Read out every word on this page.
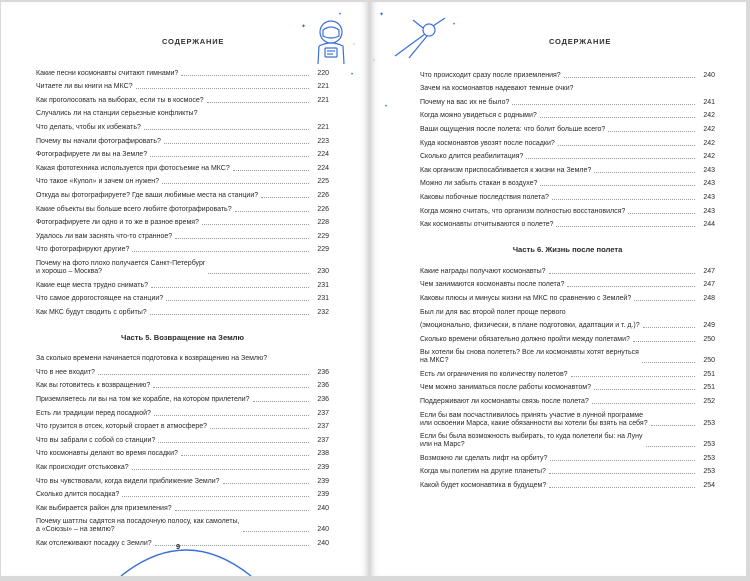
СОДЕРЖАНИЕ
✦
◦
•
•
Какие песни космонавты считают гимнами?	220
Читаете ли вы книги на МКС?	221
Как проголосовать на выборах, если ты в космосе?	221
Случались ли на станции серьезные конфликты?
Что делать, чтобы их избежать?	221
Почему вы начали фотографировать?	223
Фотографируете ли вы на Земле?	224
Какая фототехника используется при фотосъемке на МКС?	224
Что такое «Купол» и зачем он нужен?	225
Откуда вы фотографируете? Где ваши любимые места на станции?	226
Какие объекты вы больше всего любите фотографировать?	226
Фотографируете ли одно и то же в разное время?	228
Удалось ли вам заснять что-то странное?	229
Что фотографируют другие?	229
Почему на фото плохо получается Санкт-Петербург
и хорошо – Москва?	230
Какие еще места трудно снимать?	231
Что самое дорогостоящее на станции?	231
Как МКС будут сводить с орбиты?	232
Часть 5. Возвращение на Землю
За сколько времени начинается подготовка к возвращению на Землю?
Что в нее входит?	236
Как вы готовитесь к возвращению?	236
Приземляетесь ли вы на том же корабле, на котором прилетели?	236
Есть ли традиции перед посадкой?	237
Что грузится в отсек, который сгорает в атмосфере?	237
Что вы забрали с собой со станции?	237
Что космонавты делают во время посадки?	238
Как происходит отстыковка?	239
Что вы чувствовали, когда видели приближение Земли?	239
Сколько длится посадка?	239
Как выбирается район для приземления?	240
Почему шаттлы садятся на посадочную полосу, как самолеты,
а «Союзы» – на землю?	240
Как отслеживают посадку с Земли?	240
9
СОДЕРЖАНИЕ
✦
•
◦
•
Что происходит сразу после приземления?	240
Зачем на космонавтов надевают темные очки?
Почему на вас их не было?	241
Когда можно увидеться с родными?	242
Ваши ощущения после полета: что болит больше всего?	242
Куда космонавтов увозят после посадки?	242
Сколько длится реабилитация?	242
Как организм приспосабливается к жизни на Земле?	243
Можно ли забыть стакан в воздухе?	243
Каковы побочные последствия полета?	243
Когда можно считать, что организм полностью восстановился?	243
Как космонавты отчитываются о полете?	244
Часть 6. Жизнь после полета
Какие награды получают космонавты?	247
Чем занимаются космонавты после полета?	247
Каковы плюсы и минусы жизни на МКС по сравнению с Землей?	248
Был ли для вас второй полет проще первого
(эмоционально, физически, в плане подготовки, адаптации и т. д.)?	249
Сколько времени обязательно должно пройти между полетами?	250
Вы хотели бы снова полететь? Все ли космонавты хотят вернуться
на МКС?	250
Есть ли ограничения по количеству полетов?	251
Чем можно заниматься после работы космонавтом?	251
Поддерживают ли космонавты связь после полета?	252
Если бы вам посчастливилось принять участие в лунной программе
или освоении Марса, какие обязанности вы хотели бы взять на себя?	253
Если бы была возможность выбирать, то куда полетели бы: на Луну
или на Марс?	253
Возможно ли сделать лифт на орбиту?	253
Когда мы полетим на другие планеты?	253
Какой будет космонавтика в будущем?	254
